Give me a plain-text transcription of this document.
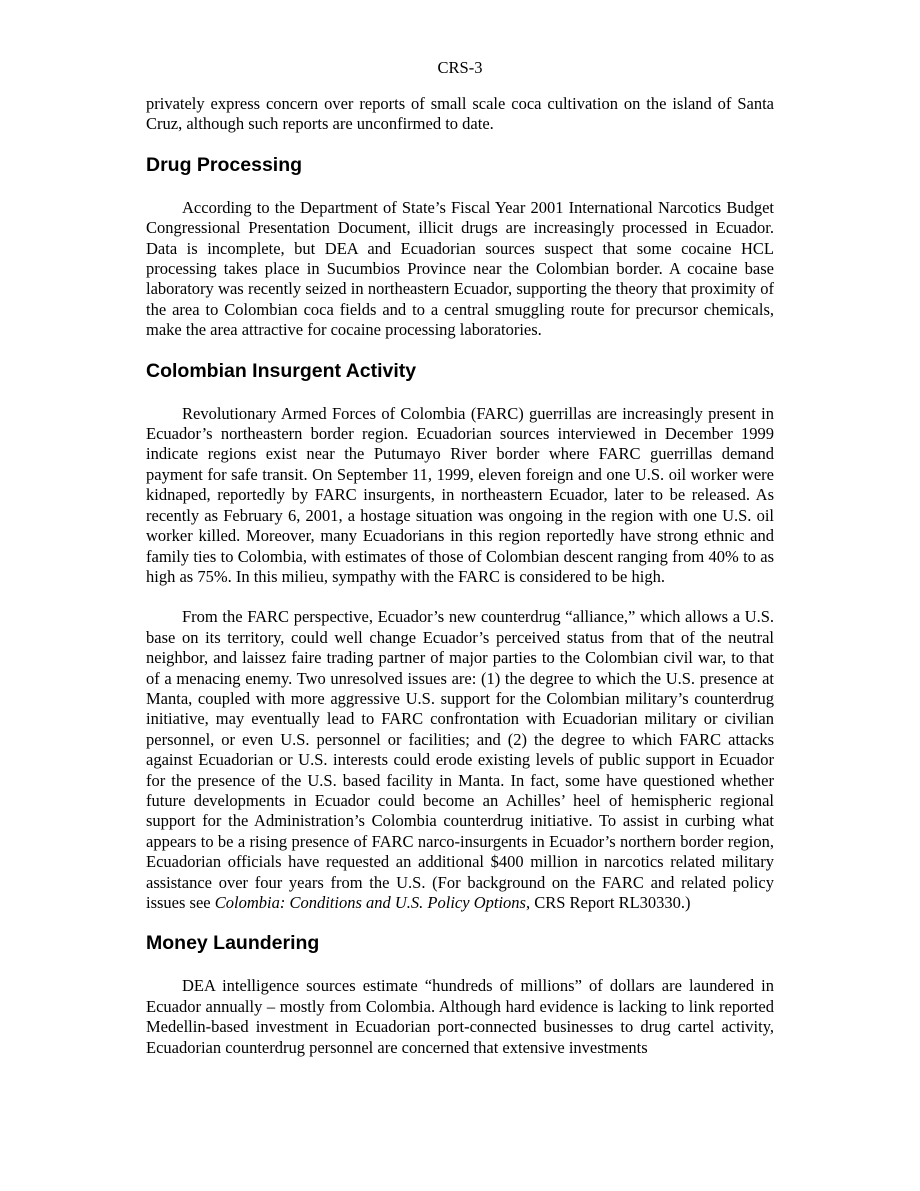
CRS-3

privately express concern over reports of small scale coca cultivation on the island of Santa Cruz, although such reports are unconfirmed to date.

Drug Processing

According to the Department of State’s Fiscal Year 2001 International Narcotics Budget Congressional Presentation Document, illicit drugs are increasingly processed in Ecuador. Data is incomplete, but DEA and Ecuadorian sources suspect that some cocaine HCL processing takes place in Sucumbios Province near the Colombian border. A cocaine base laboratory was recently seized in northeastern Ecuador, supporting the theory that proximity of the area to Colombian coca fields and to a central smuggling route for precursor chemicals, make the area attractive for cocaine processing laboratories.

Colombian Insurgent Activity

Revolutionary Armed Forces of Colombia (FARC) guerrillas are increasingly present in Ecuador’s northeastern border region. Ecuadorian sources interviewed in December 1999 indicate regions exist near the Putumayo River border where FARC guerrillas demand payment for safe transit. On September 11, 1999, eleven foreign and one U.S. oil worker were kidnaped, reportedly by FARC insurgents, in northeastern Ecuador, later to be released. As recently as February 6, 2001, a hostage situation was ongoing in the region with one U.S. oil worker killed. Moreover, many Ecuadorians in this region reportedly have strong ethnic and family ties to Colombia, with estimates of those of Colombian descent ranging from 40% to as high as 75%. In this milieu, sympathy with the FARC is considered to be high.

From the FARC perspective, Ecuador’s new counterdrug “alliance,” which allows a U.S. base on its territory, could well change Ecuador’s perceived status from that of the neutral neighbor, and laissez faire trading partner of major parties to the Colombian civil war, to that of a menacing enemy. Two unresolved issues are: (1) the degree to which the U.S. presence at Manta, coupled with more aggressive U.S. support for the Colombian military’s counterdrug initiative, may eventually lead to FARC confrontation with Ecuadorian military or civilian personnel, or even U.S. personnel or facilities; and (2) the degree to which FARC attacks against Ecuadorian or U.S. interests could erode existing levels of public support in Ecuador for the presence of the U.S. based facility in Manta. In fact, some have questioned whether future developments in Ecuador could become an Achilles’ heel of hemispheric regional support for the Administration’s Colombia counterdrug initiative. To assist in curbing what appears to be a rising presence of FARC narco-insurgents in Ecuador’s northern border region, Ecuadorian officials have requested an additional $400 million in narcotics related military assistance over four years from the U.S. (For background on the FARC and related policy issues see Colombia: Conditions and U.S. Policy Options, CRS Report RL30330.)

Money Laundering

DEA intelligence sources estimate “hundreds of millions” of dollars are laundered in Ecuador annually – mostly from Colombia. Although hard evidence is lacking to link reported Medellin-based investment in Ecuadorian port-connected businesses to drug cartel activity, Ecuadorian counterdrug personnel are concerned that extensive investments
